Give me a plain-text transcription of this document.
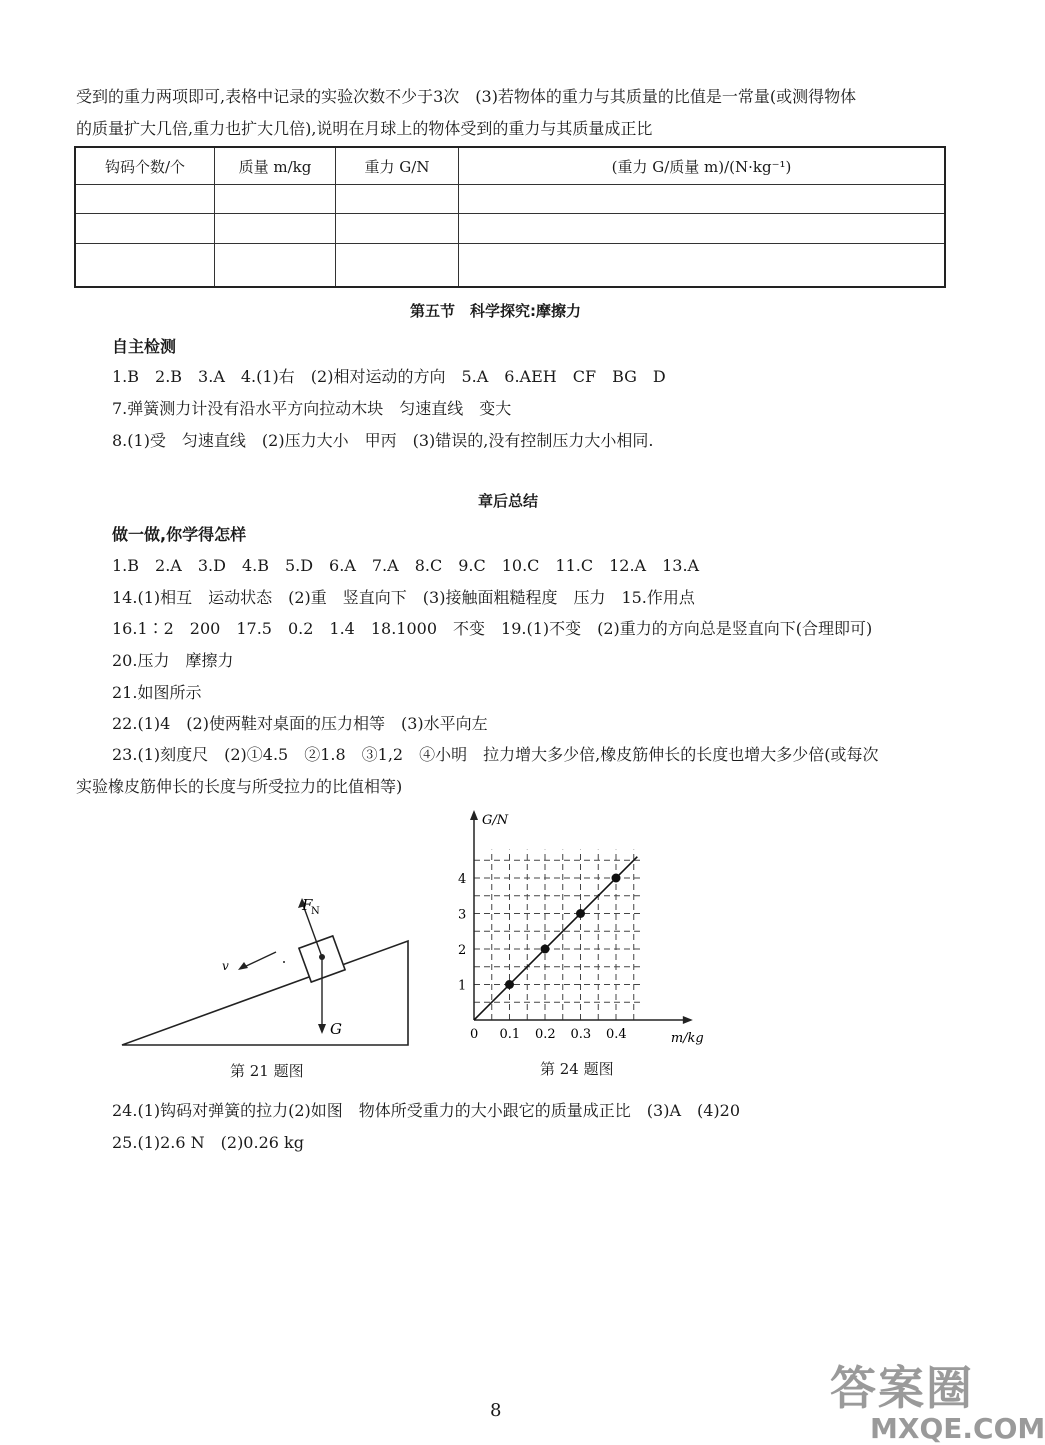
受到的重力两项即可,表格中记录的实验次数不少于3次　(3)若物体的重力与其质量的比值是一常量(或测得物体
的质量扩大几倍,重力也扩大几倍),说明在月球上的物体受到的重力与其质量成正比
钩码个数/个	质量 m/kg	重力 G/N	(重力 G/质量 m)/(N·kg⁻¹)

第五节　科学探究:摩擦力
自主检测
1.B　2.B　3.A　4.(1)右　(2)相对运动的方向　5.A　6.AEH　CF　BG　D
7.弹簧测力计没有沿水平方向拉动木块　匀速直线　变大
8.(1)受　匀速直线　(2)压力大小　甲丙　(3)错误的,没有控制压力大小相同.
章后总结
做一做,你学得怎样
1.B　2.A　3.D　4.B　5.D　6.A　7.A　8.C　9.C　10.C　11.C　12.A　13.A
14.(1)相互　运动状态　(2)重　竖直向下　(3)接触面粗糙程度　压力　15.作用点
16.1∶2　200　17.5　0.2　1.4　18.1000　不变　19.(1)不变　(2)重力的方向总是竖直向下(合理即可)
20.压力　摩擦力
21.如图所示
22.(1)4　(2)使两鞋对桌面的压力相等　(3)水平向左
23.(1)刻度尺　(2)①4.5　②1.8　③1,2　④小明　拉力增大多少倍,橡皮筋伸长的长度也增大多少倍(或每次
实验橡皮筋伸长的长度与所受拉力的比值相等)
F
N
G
v
第 21 题图
0 0.1 0.2 0.3 0.4
1
2
3
4
G/N
m/kg
第 24 题图
24.(1)钩码对弹簧的拉力(2)如图　物体所受重力的大小跟它的质量成正比　(3)A　(4)20
25.(1)2.6 N　(2)0.26 kg
8	答案圈
MXQE.COM
